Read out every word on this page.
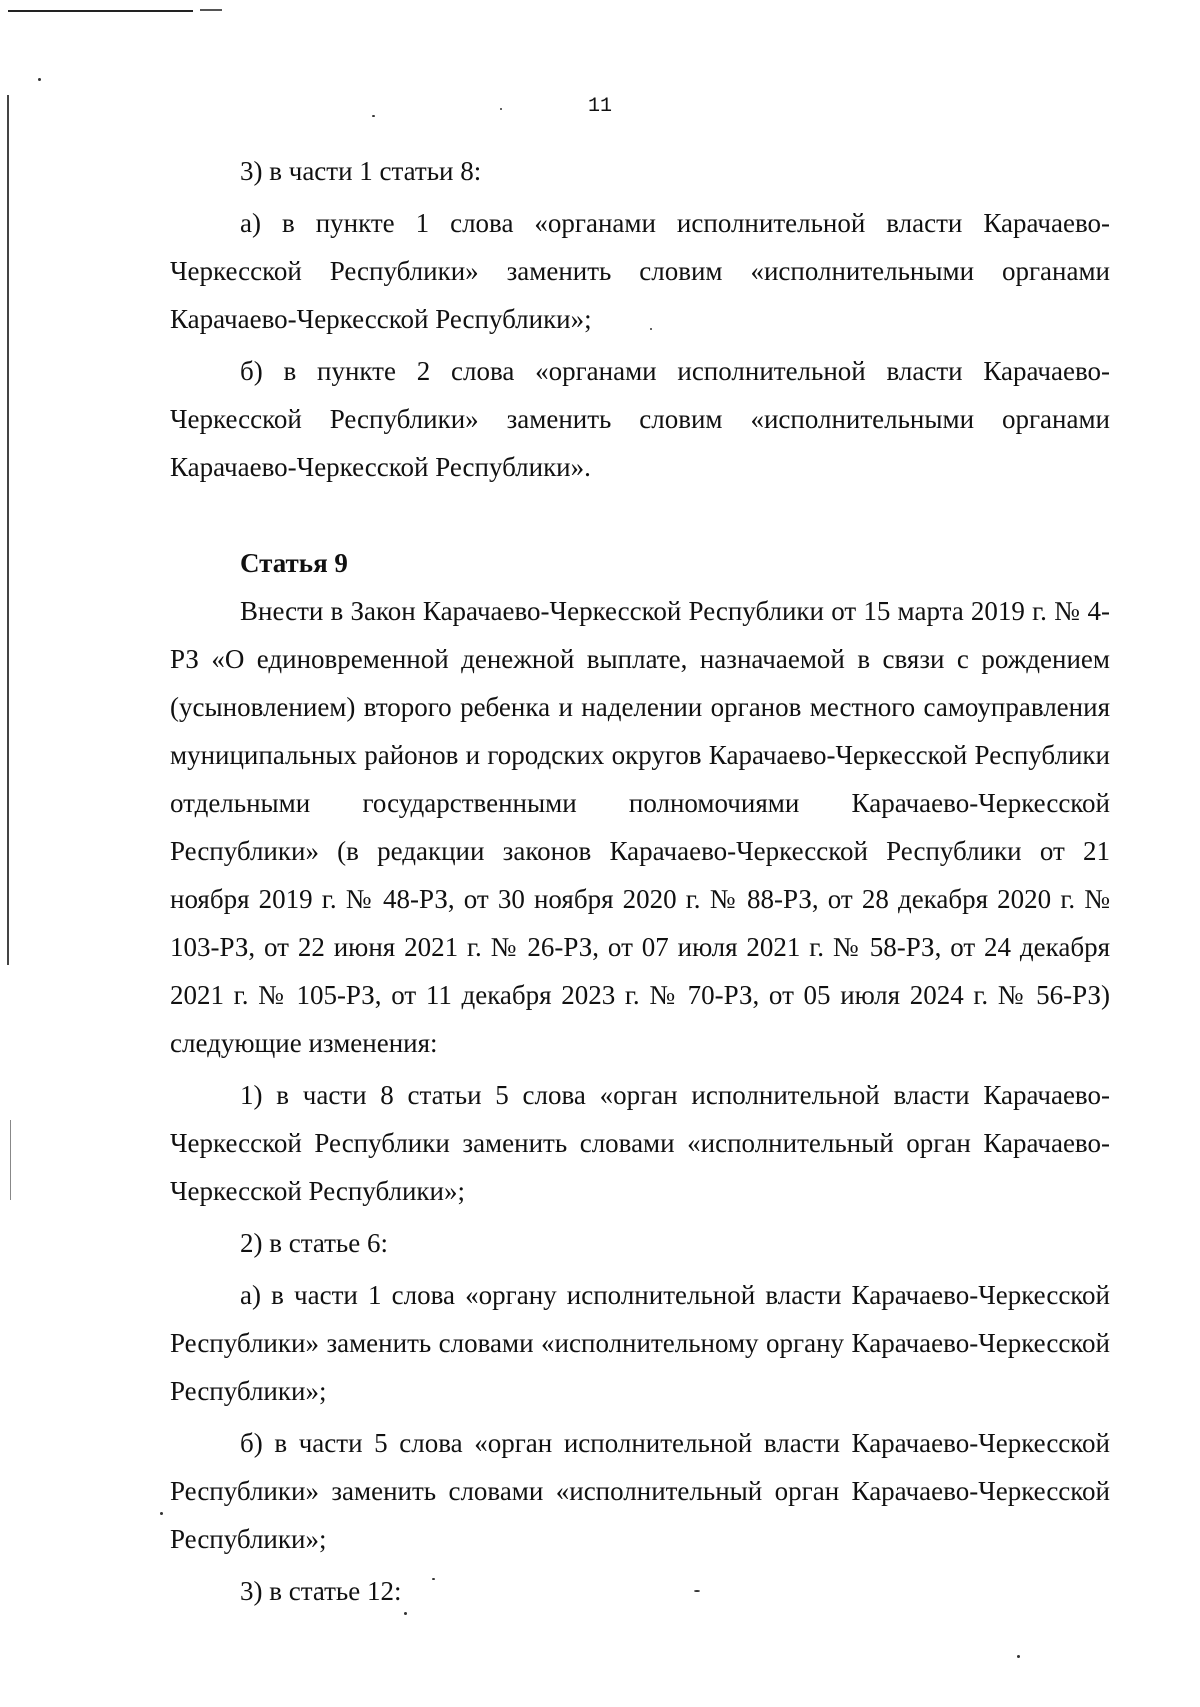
11

3) в части 1 статьи 8:

а) в пункте 1 слова «органами исполнительной власти Карачаево-Черкесской Республики» заменить словим «исполнительными органами Карачаево-Черкесской Республики»;

б) в пункте 2 слова «органами исполнительной власти Карачаево-Черкесской Республики» заменить словим «исполнительными органами Карачаево-Черкесской Республики».

Статья 9

Внести в Закон Карачаево-Черкесской Республики от 15 марта 2019 г. № 4-РЗ «О единовременной денежной выплате, назначаемой в связи с рождением (усыновлением) второго ребенка и наделении органов местного самоуправления муниципальных районов и городских округов Карачаево-Черкесской Республики отдельными государственными полномочиями Карачаево-Черкесской Республики» (в редакции законов Карачаево-Черкесской Республики от 21 ноября 2019 г. № 48-РЗ, от 30 ноября 2020 г. № 88-РЗ, от 28 декабря 2020 г. № 103-РЗ, от 22 июня 2021 г. № 26-РЗ, от 07 июля 2021 г. № 58-РЗ, от 24 декабря 2021 г. № 105-РЗ, от 11 декабря 2023 г. № 70-РЗ, от 05 июля 2024 г. № 56-РЗ) следующие изменения:

1) в части 8 статьи 5 слова «орган исполнительной власти Карачаево-Черкесской Республики заменить словами «исполнительный орган Карачаево-Черкесской Республики»;

2) в статье 6:

а) в части 1 слова «органу исполнительной власти Карачаево-Черкесской Республики» заменить словами «исполнительному органу Карачаево-Черкесской Республики»;

б) в части 5 слова «орган исполнительной власти Карачаево-Черкесской Республики» заменить словами «исполнительный орган Карачаево-Черкесской Республики»;

3) в статье 12:
